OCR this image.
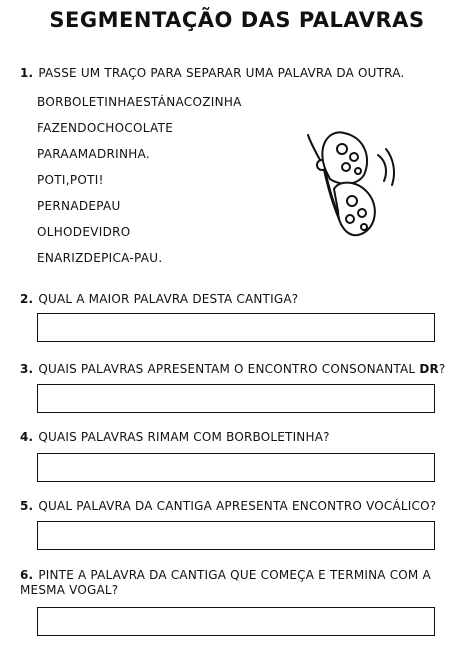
SEGMENTAÇÃO DAS PALAVRAS
1. PASSE UM TRAÇO PARA SEPARAR UMA PALAVRA DA OUTRA.
BORBOLETINHAESTÁNACOZINHA
FAZENDOCHOCOLATE
PARAAMADRINHA.
POTI,POTI!
PERNADEPAU
OLHODEVIDRO
ENARIZDEPICA-PAU.
2. QUAL A MAIOR PALAVRA DESTA CANTIGA?
3. QUAIS PALAVRAS APRESENTAM O ENCONTRO CONSONANTAL DR?
4. QUAIS PALAVRAS RIMAM COM BORBOLETINHA?
5. QUAL PALAVRA DA CANTIGA APRESENTA ENCONTRO VOCÁLICO?
6. PINTE A PALAVRA DA CANTIGA QUE COMEÇA E TERMINA COM A MESMA VOGAL?
